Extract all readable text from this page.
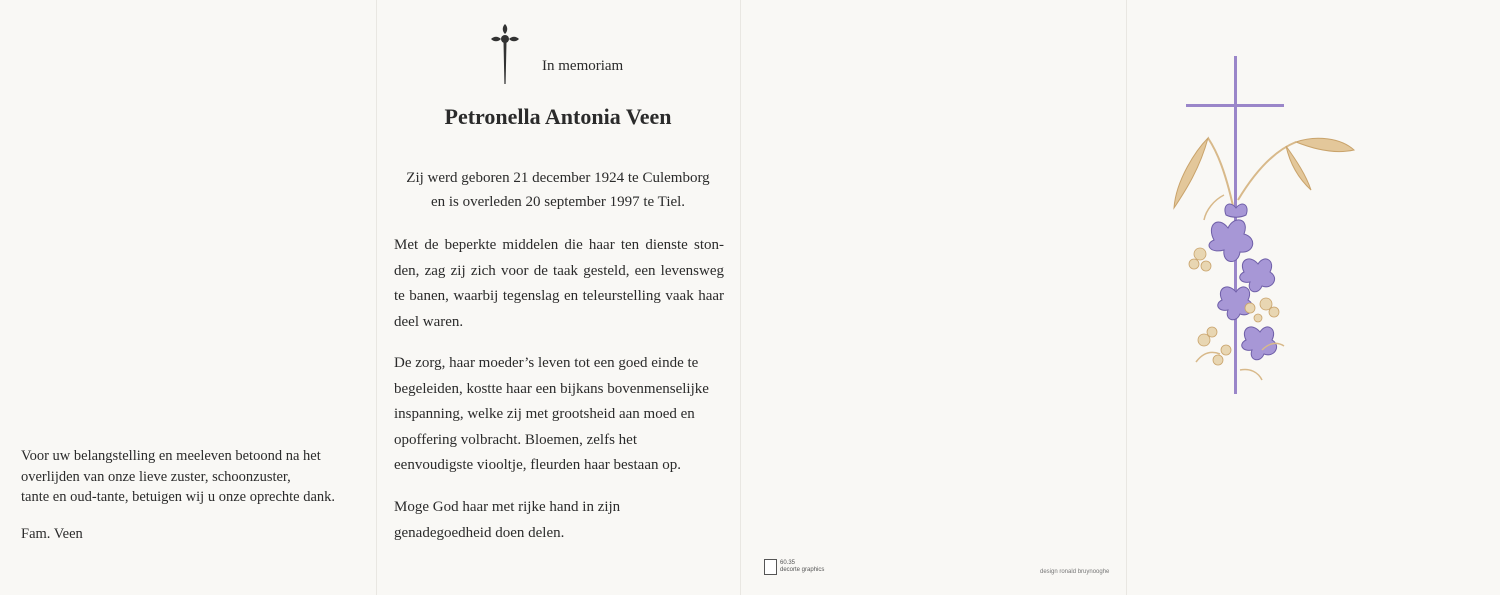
Voor uw belangstelling en meeleven betoond na het

overlijden van onze lieve zuster, schoonzuster,

tante en oud-tante, betuigen wij u onze oprechte dank.

Fam. Veen
In memoriam
Petronella Antonia Veen

Zij werd geboren 21 december 1924 te Culemborg

en is overleden 20 september 1997 te Tiel.

Met de beperkte middelen die haar ten dienste ston-

den, zag zij zich voor de taak gesteld, een levensweg

te banen, waarbij tegenslag en teleurstelling vaak haar

deel waren.

De zorg, haar moeder’s leven tot een goed einde te

begeleiden, kostte haar een bijkans bovenmenselijke

inspanning, welke zij met grootsheid aan moed en

opoffering volbracht. Bloemen, zelfs het

eenvoudigste viooltje, fleurden haar bestaan op.

Moge God haar met rijke hand in zijn

genadegoedheid doen delen.

60.35
decorte graphics	design ronald bruynooghe
